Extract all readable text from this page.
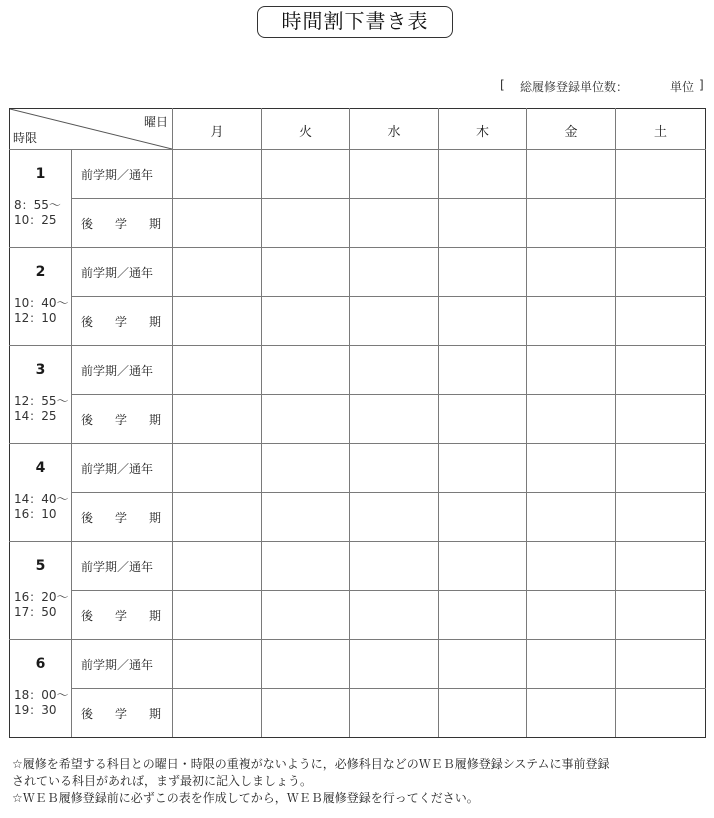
時間割下書き表
[ 総履修登録単位数：	単位 ]
曜日
時限		月	火	水	木	金	土

1
8：55〜
10：25	前学期／通年						
	後 学 期						

2
10：40〜
12：10	前学期／通年						
	後 学 期						

3
12：55〜
14：25	前学期／通年						
	後 学 期						

4
14：40〜
16：10	前学期／通年						
	後 学 期						

5
16：20〜
17：50	前学期／通年						
	後 学 期						

6
18：00〜
19：30	前学期／通年						
	後 学 期						

☆履修を希望する科目との曜日・時限の重複がないように，必修科目などのＷＥＢ履修登録システムに事前登録

されている科目があれば，まず最初に記入しましょう。

☆ＷＥＢ履修登録前に必ずこの表を作成してから，ＷＥＢ履修登録を行ってください。
